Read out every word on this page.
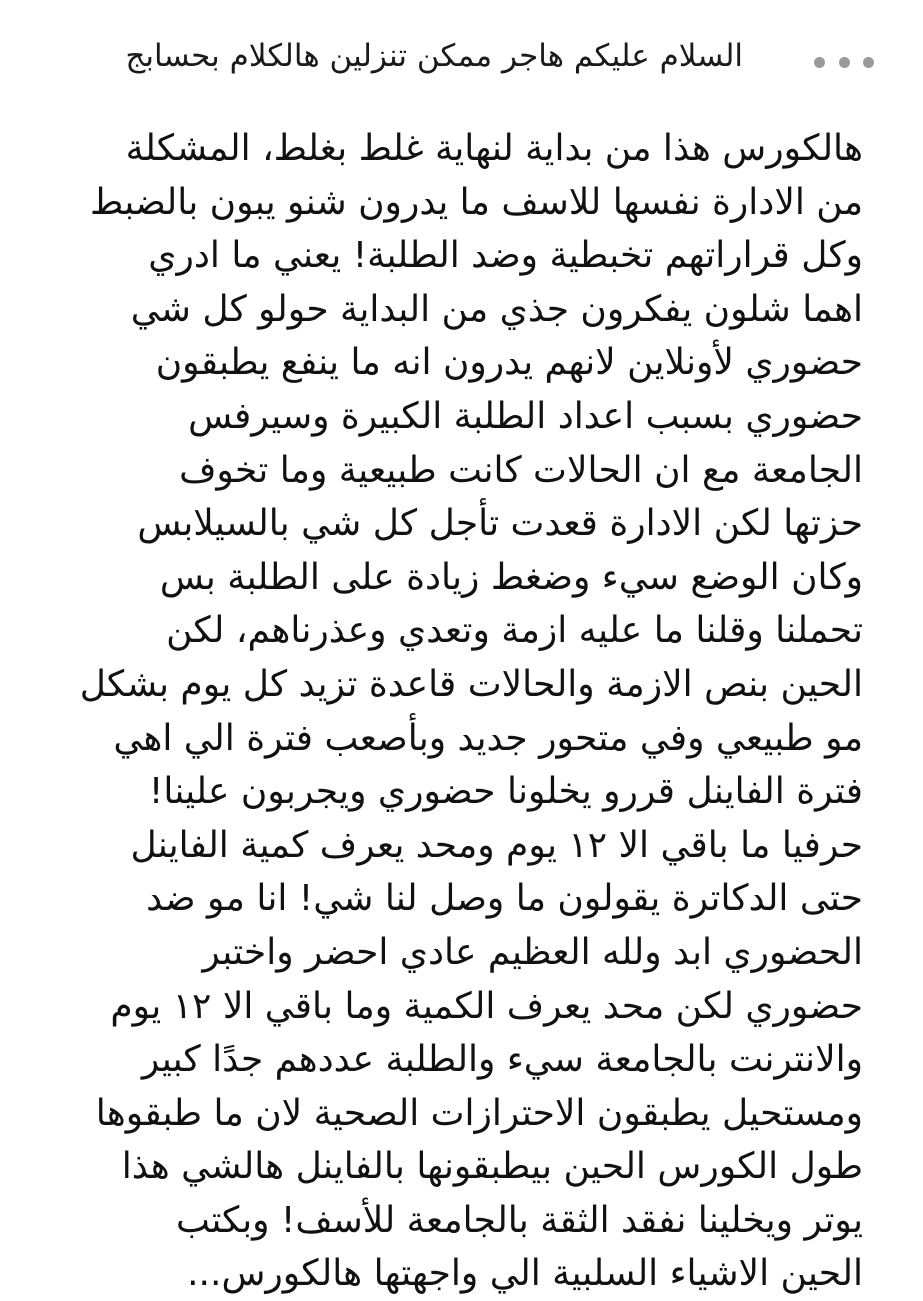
السلام عليكم هاجر ممكن تنزلين هالكلام بحسابج
هالكورس هذا من بداية لنهاية غلط بغلط، المشكلة
من الادارة نفسها للاسف ما يدرون شنو يبون بالضبط
وكل قراراتهم تخبطية وضد الطلبة! يعني ما ادري
اهما شلون يفكرون جذي من البداية حولو كل شي
حضوري لأونلاين لانهم يدرون انه ما ينفع يطبقون
حضوري بسبب اعداد الطلبة الكبيرة وسيرفس
الجامعة مع ان الحالات كانت طبيعية وما تخوف
حزتها لكن الادارة قعدت تأجل كل شي بالسيلابس
وكان الوضع سيء وضغط زيادة على الطلبة بس
تحملنا وقلنا ما عليه ازمة وتعدي وعذرناهم، لكن
الحين بنص الازمة والحالات قاعدة تزيد كل يوم بشكل
مو طبيعي وفي متحور جديد وبأصعب فترة الي اهي
فترة الفاينل قررو يخلونا حضوري ويجربون علينا!
حرفيا ما باقي الا ١٢ يوم ومحد يعرف كمية الفاينل
حتى الدكاترة يقولون ما وصل لنا شي! انا مو ضد
الحضوري ابد ولله العظيم عادي احضر واختبر
حضوري لكن محد يعرف الكمية وما باقي الا ١٢ يوم
والانترنت بالجامعة سيء والطلبة عددهم جدًا كبير
ومستحيل يطبقون الاحترازات الصحية لان ما طبقوها
طول الكورس الحين بيطبقونها بالفاينل هالشي هذا
يوتر ويخلينا نفقد الثقة بالجامعة للأسف! وبكتب
الحين الاشياء السلبية الي واجهتها هالكورس...
